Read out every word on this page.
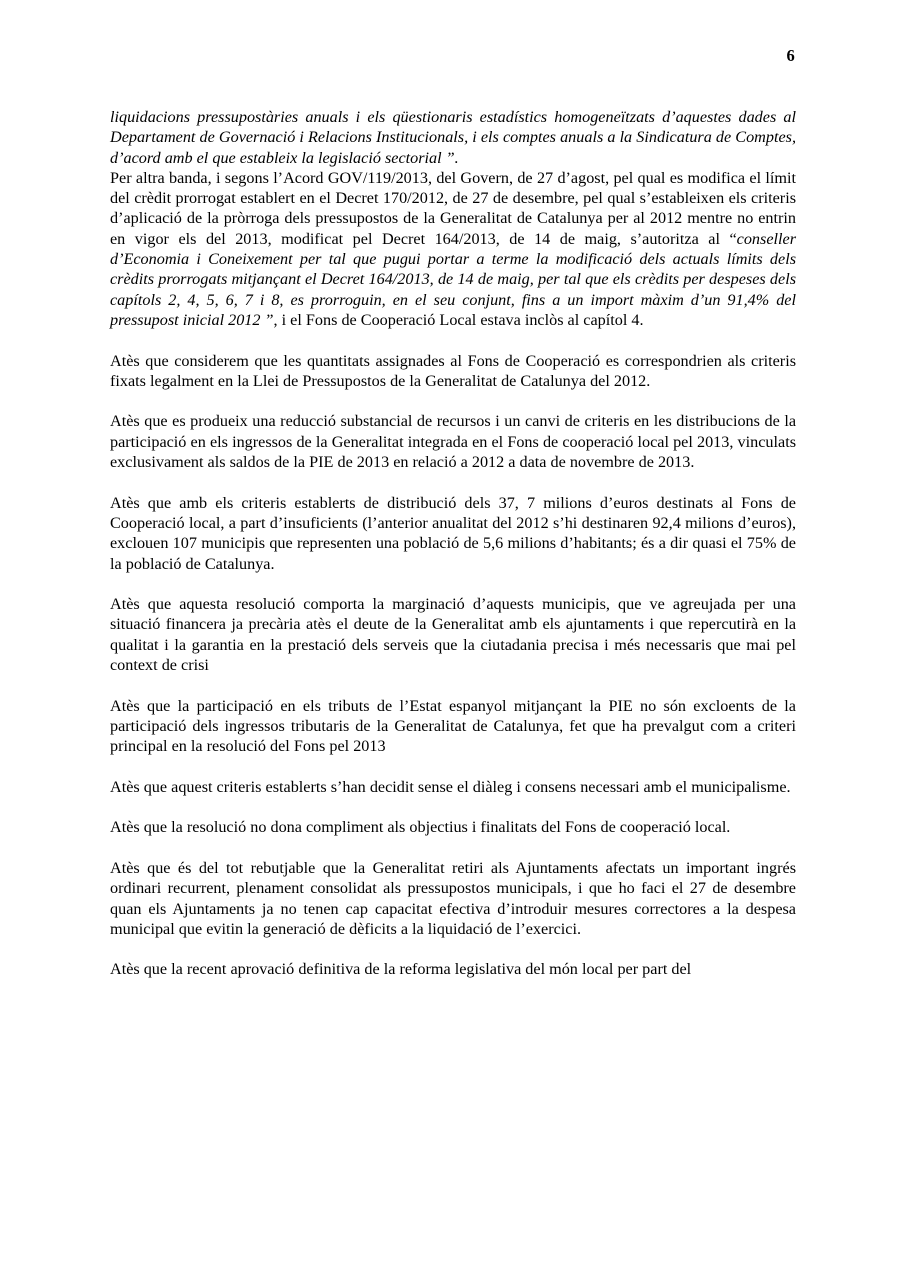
6

liquidacions pressupostàries anuals i els qüestionaris estadístics homogeneïtzats d’aquestes dades al Departament de Governació i Relacions Institucionals, i els comptes anuals a la Sindicatura de Comptes, d’acord amb el que estableix la legislació sectorial ”.

Per altra banda, i segons l’Acord GOV/119/2013, del Govern, de 27 d’agost, pel qual es modifica el límit del crèdit prorrogat establert en el Decret 170/2012, de 27 de desembre, pel qual s’estableixen els criteris d’aplicació de la pròrroga dels pressupostos de la Generalitat de Catalunya per al 2012 mentre no entrin en vigor els del 2013, modificat pel Decret 164/2013, de 14 de maig, s’autoritza al “conseller d’Economia i Coneixement per tal que pugui portar a terme la modificació dels actuals límits dels crèdits prorrogats mitjançant el Decret 164/2013, de 14 de maig, per tal que els crèdits per despeses dels capítols 2, 4, 5, 6, 7 i 8, es prorroguin, en el seu conjunt, fins a un import màxim d’un 91,4% del pressupost inicial 2012 ”, i el Fons de Cooperació Local estava inclòs al capítol 4.

Atès que considerem que les quantitats assignades al Fons de Cooperació es correspondrien als criteris fixats legalment en la Llei de Pressupostos de la Generalitat de Catalunya del 2012.

Atès que es produeix una reducció substancial de recursos i un canvi de criteris en les distribucions de la participació en els ingressos de la Generalitat integrada en el Fons de cooperació local pel 2013, vinculats exclusivament als saldos de la PIE de 2013 en relació a 2012 a data de novembre de 2013.

Atès que amb els criteris establerts de distribució dels 37, 7 milions d’euros destinats al Fons de Cooperació local, a part d’insuficients (l’anterior anualitat del 2012 s’hi destinaren 92,4 milions d’euros), exclouen 107 municipis que representen una població de 5,6 milions d’habitants; és a dir quasi el 75% de la població de Catalunya.

Atès que aquesta resolució comporta la marginació d’aquests municipis, que ve agreujada per una situació financera ja precària atès el deute de la Generalitat amb els ajuntaments i que repercutirà en la qualitat i la garantia en la prestació dels serveis que la ciutadania precisa i més necessaris que mai pel context de crisi

Atès que la participació en els tributs de l’Estat espanyol mitjançant la PIE no són excloents de la participació dels ingressos tributaris de la Generalitat de Catalunya, fet que ha prevalgut com a criteri principal en la resolució del Fons pel 2013

Atès que aquest criteris establerts s’han decidit sense el diàleg i consens necessari amb el municipalisme.

Atès que la resolució no dona compliment als objectius i finalitats del Fons de cooperació local.

Atès que és del tot rebutjable que la Generalitat retiri als Ajuntaments afectats un important ingrés ordinari recurrent, plenament consolidat als pressupostos municipals, i que ho faci el 27 de desembre quan els Ajuntaments ja no tenen cap capacitat efectiva d’introduir mesures correctores a la despesa municipal que evitin la generació de dèficits a la liquidació de l’exercici.

Atès que la recent aprovació definitiva de la reforma legislativa del món local per part del
